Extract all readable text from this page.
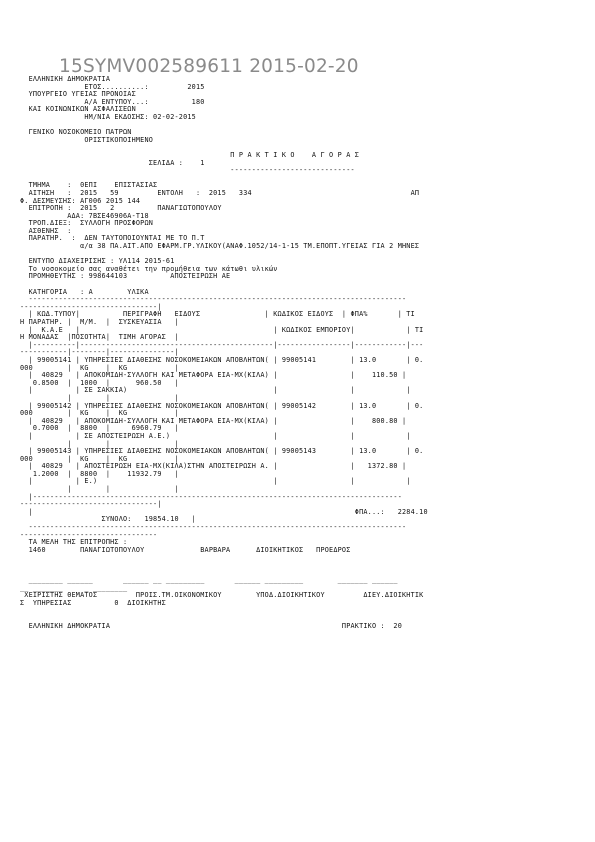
15SYMV002589611 2015-02-20
ΕΛΛΗΝΙΚΗ ΔΗΜΟΚΡΑΤΙΑ
ΕΤΟΣ..........:         2015
ΥΠΟΥΡΓΕΙΟ ΥΓΕΙΑΣ ΠΡΟΝΟΙΑΣ
Α/Α ΕΝΤΥΠΟΥ...:          180
ΚΑΙ ΚΟΙΝΩΝΙΚΩΝ ΑΣΦΑΛΙΣΕΩΝ
ΗΜ/ΝΙΑ ΕΚΔΟΣΗΣ: 02-02-2015
ΓΕΝΙΚΟ ΝΟΣΟΚΟΜΕΙΟ ΠΑΤΡΩΝ
ΟΡΙΣΤΙΚΟΠΟΙΗΜΕΝΟ
Π Ρ Α Κ Τ Ι Κ Ο    Α Γ Ο Ρ Α Σ
ΣΕΛΙΔΑ :    1
-----------------------------
ΤΜΗΜΑ    :  0ΕΠΙ    ΕΠΙΣΤΑΣΙΑΣ
ΑΙΤΗΣΗ   :  2015   59         ΕΝΤΟΛΗ   :  2015   334                                     ΑΠ
Φ. ΔΕΣΜΕΥΣΗΣ: ΑΓ006 2015 144
ΕΠΙΤΡΟΠΗ :  2015   2          ΠΑΝΑΓΙΩΤΟΠΟΥΛΟΥ
ΑΔΑ: 7ΒΣΕ46906Α-Τ18
ΤΡΟΠ.ΔΙΕΞ:  ΣΥΛΛΟΓΗ ΠΡΟΣΦΟΡΩΝ
ΑΣΘΕΝΗΣ  :
ΠΑΡΑΤΗΡ.  :  ΔΕΝ ΤΑΥΤΟΠΟΙΟΥΝΤΑΙ ΜΕ ΤΟ Π.Τ
α/α 38 ΠΑ.ΑΙΤ.ΑΠΟ ΕΦΑΡΜ.ΓΡ.ΥΛΙΚΟΥ(ΑΝΑΦ.1052/14-1-15 ΤΜ.ΕΠΟΠΤ.ΥΓΕΙΑΣ ΓΙΑ 2 ΜΗΝΕΣ
ΕΝΤΥΠΟ ΔΙΑΧΕΙΡΙΣΗΣ : ΥΛ114 2015-61
Το νοσοκομείο σας αναθέτει την προμήθεια των κάτωθι υλικών
ΠΡΟΜΗΘΕΥΤΗΣ : 998644103          ΑΠΟΣΤΕΙΡΩΣΗ ΑΕ
ΚΑΤΗΓΟΡΙΑ   : Α        ΥΛΙΚΑ
----------------------------------------------------------------------------------------
--------------------------------|
| ΚΩΔ.ΤΥΠΟΥ|          ΠΕΡΙΓΡΑΦΗ   ΕΙΔΟΥΣ               | ΚΩΔΙΚΟΣ ΕΙΔΟΥΣ  | ΦΠΑ%       | ΤΙ
Η ΠΑΡΑΤΗΡ. |  Μ/Μ.  |  ΣΥΣΚΕΥΑΣΙΑ   |
|  Κ.Α.Ε   |                                             | ΚΩΔΙΚΟΣ ΕΜΠΟΡΙΟΥ|            | ΤΙ
Η ΜΟΝΑΔΑΣ  |ΠΟΣΟΤΗΤΑ|  ΤΙΜΗ ΑΓΟΡΑΣ  |
|----------|---------------------------------------------|-----------------|------------|---
-----------|--------|---------------|
| 99005141 | ΥΠΗΡΕΣΙΕΣ ΔΙΑΘΕΣΗΣ ΝΟΣΟΚΟΜΕΙΑΚΩΝ ΑΠΟΒΛΗΤΩΝ( | 99005141        | 13.0       | 0.
000        |  KG    |  KG           |
|  40829   | ΑΠΟΚΟΜΙΔΗ-ΣΥΛΛΟΓΗ ΚΑΙ ΜΕΤΑΦΟΡΑ ΕΙΑ-ΜΧ(ΚΙΛΑ) |                 |    110.50 |
0.8500  |  1000  |      960.50   |
|          | ΣΕ ΣΑΚΚΙΑ)                                  |                 |            |
|        |               |
| 99005142 | ΥΠΗΡΕΣΙΕΣ ΔΙΑΘΕΣΗΣ ΝΟΣΟΚΟΜΕΙΑΚΩΝ ΑΠΟΒΛΗΤΩΝ( | 99005142        | 13.0       | 0.
000        |  KG    |  KG           |
|  40829   | ΑΠΟΚΟΜΙΔΗ-ΣΥΛΛΟΓΗ ΚΑΙ ΜΕΤΑΦΟΡΑ ΕΙΑ-ΜΧ(ΚΙΛΑ) |                 |    800.80 |
0.7000  |  8800  |     6960.79   |
|          | ΣΕ ΑΠΟΣΤΕΙΡΩΣΗ Α.Ε.)                        |                 |            |
|        |               |
| 99005143 | ΥΠΗΡΕΣΙΕΣ ΔΙΑΘΕΣΗΣ ΝΟΣΟΚΟΜΕΙΑΚΩΝ ΑΠΟΒΛΗΤΩΝ( | 99005143        | 13.0       | 0.
000        |  KG    |  KG           |
|  40829   | ΑΠΟΣΤΕΙΡΩΣΗ ΕΙΑ-ΜΧ(ΚΙΛΑ)ΣΤΗΝ ΑΠΟΣΤΕΙΡΩΣΗ Α. |                 |   1372.80 |
1.2000  |  8800  |    11932.79   |
|          | Ε.)                                         |                 |            |
|        |               |
|--------------------------------------------------------------------------------------
--------------------------------|
|                                                                           ΦΠΑ...:   2284.10
ΣΥΝΟΛΟ:   19854.10   |
----------------------------------------------------------------------------------------
--------------------------------
ΤΑ ΜΕΛΗ ΤΗΣ ΕΠΙΤΡΟΠΗΣ :
1460        ΠΑΝΑΓΙΩΤΟΠΟΥΛΟΥ             ΒΑΡΒΑΡΑ      ΔΙΟΙΚΗΤΙΚΟΣ   ΠΡΟΕΔΡΟΣ
________ ______       ______ __ _________       ______ _________        _______ ______
__ _______     _ ________
ΧΕΙΡΙΣΤΗΣ ΘΕΜΑΤΟΣ         ΠΡΟΙΣ.ΤΜ.ΟΙΚΟΝΟΜΙΚΟΥ        ΥΠΟΔ.ΔΙΟΙΚΗΤΙΚΟΥ         ΔΙΕΥ.ΔΙΟΙΚΗΤΙΚ
Σ  ΥΠΗΡΕΣΙΑΣ          0  ΔΙΟΙΚΗΤΗΣ
ΕΛΛΗΝΙΚΗ ΔΗΜΟΚΡΑΤΙΑ                                                      ΠΡΑΚΤΙΚΟ :  20
